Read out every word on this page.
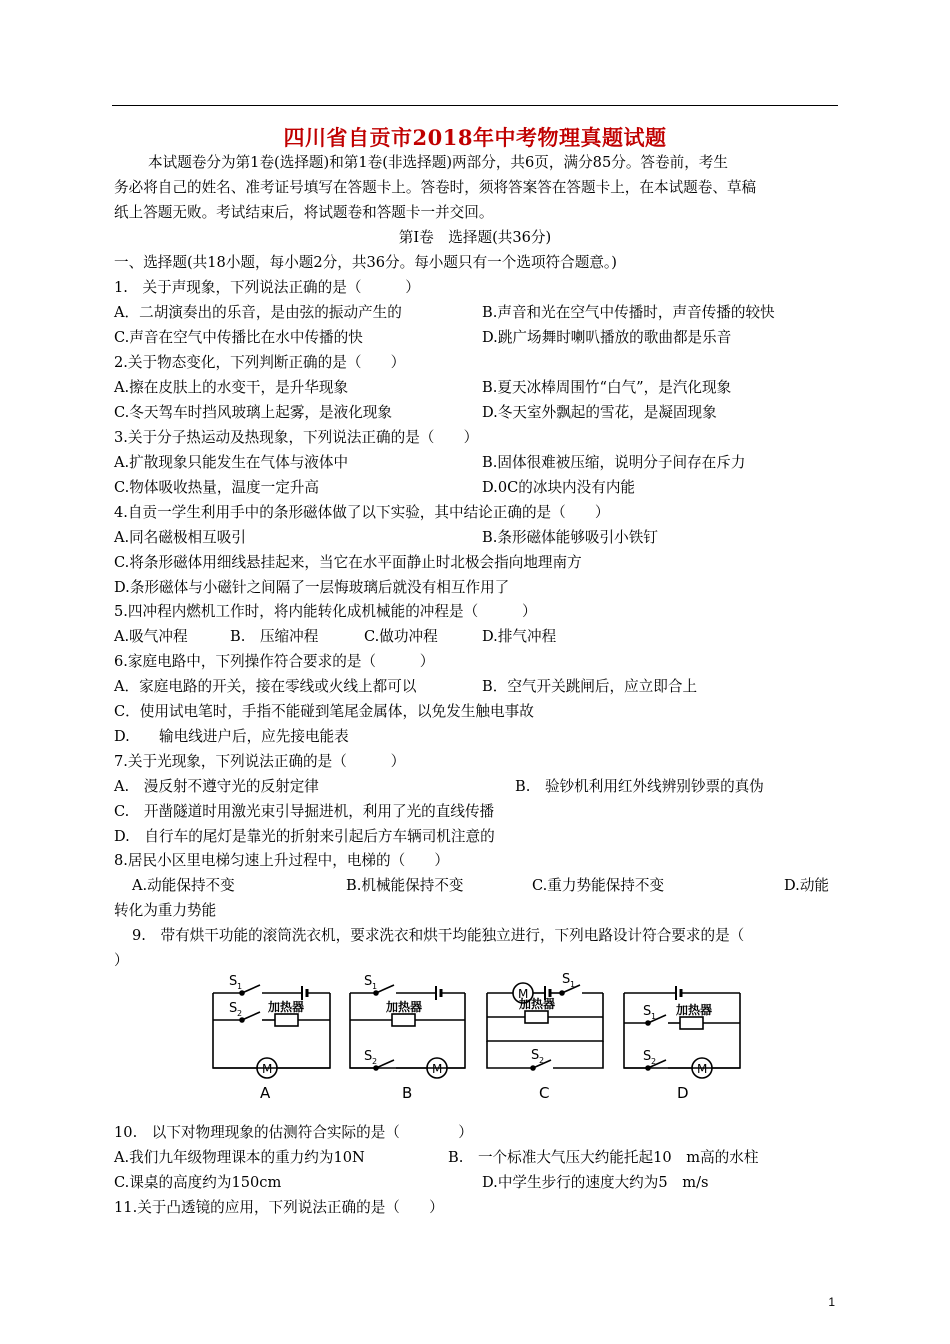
四川省自贡市2018年中考物理真题试题
本试题卷分为第1卷(选择题)和第1卷(非选择题)两部分，共6页，满分85分。答卷前，考生
务必将自己的姓名、准考证号填写在答题卡上。答卷时，须将答案答在答题卡上，在本试题卷、草稿
纸上答题无败。考试结束后，将试题卷和答题卡一并交回。
第Ⅰ卷　选择题(共36分)
一、选择题(共18小题，每小题2分，共36分。每小题只有一个选项符合题意。)
1.　关于声现象，下列说法正确的是（　　　）
A．二胡演奏出的乐音，是由弦的振动产生的	B.声音和光在空气中传播时，声音传播的较快
C.声音在空气中传播比在水中传播的快	D.跳广场舞时喇叭播放的歌曲都是乐音
2.关于物态变化，下列判断正确的是（　　）
A.擦在皮肤上的水变干，是升华现象	B.夏天冰棒周围竹“白气”，是汽化现象
C.冬天驾车时挡风玻璃上起雾，是液化现象	D.冬天室外飘起的雪花，是凝固现象
3.关于分子热运动及热现象，下列说法正确的是（　　）
A.扩散现象只能发生在气体与液体中	B.固体很难被压缩，说明分子间存在斥力
C.物体吸收热量，温度一定升高	D.0C的冰块内没有内能
4.自贡一学生利用手中的条形磁体做了以下实验，其中结论正确的是（　　）
A.同名磁极相互吸引	B.条形磁体能够吸引小铁钉
C.将条形磁体用细线悬挂起来，当它在水平面静止时北极会指向地理南方
D.条形磁体与小磁针之间隔了一层悔玻璃后就没有相互作用了
5.四冲程内燃机工作时，将内能转化成机械能的冲程是（　　　）
A.吸气冲程	B.　压缩冲程	C.做功冲程	D.排气冲程
6.家庭电路中，下列操作符合要求的是（　　　）
A．家庭电路的开关，接在零线或火线上都可以	B．空气开关跳闸后，应立即合上
C．使用试电笔时，手指不能碰到笔尾金属体，以免发生触电事故
D.　　输电线进户后，应先接电能表
7.关于光现象，下列说法正确的是（　　　）
A.　漫反射不遵守光的反射定律	B.　验钞机利用红外线辨别钞票的真伪
C.　开凿隧道时用激光束引导掘进机，利用了光的直线传播
D.　自行车的尾灯是靠光的折射来引起后方车辆司机注意的
8.居民小区里电梯匀速上升过程中，电梯的（　　）
A.动能保持不变	B.机械能保持不变	C.重力势能保持不变	D.动能
转化为重力势能
9.　带有烘干功能的滚筒洗衣机，要求洗衣和烘干均能独立进行，下列电路设计符合要求的是（
）
S 1
S 2 加热器
M
A
S 1
加热器
S 2
M
B
M
S 1
加热器
S 2
C
S 1 加热器
S 2
M
D
10.　以下对物理现象的估测符合实际的是（　　　　）
A.我们九年级物理课本的重力约为10N	B.　一个标准大气压大约能托起10　m高的水柱
C.课桌的高度约为150cm	D.中学生步行的速度大约为5　m/s
11.关于凸透镜的应用，下列说法正确的是（　　）
1
